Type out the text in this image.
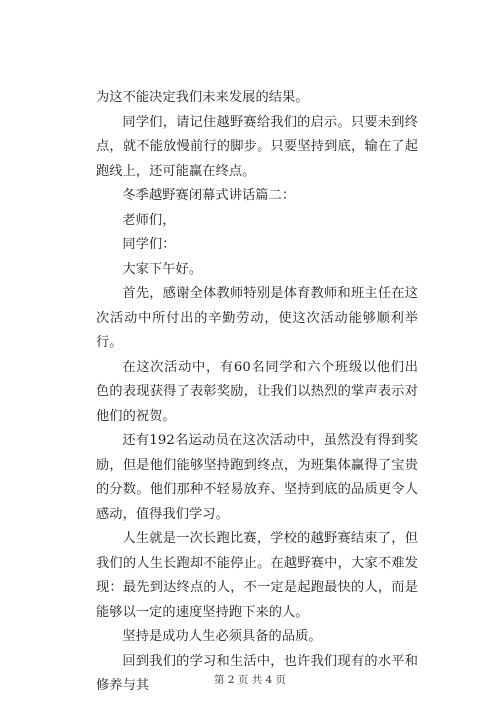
为这不能决定我们未来发展的结果。

同学们，请记住越野赛给我们的启示。只要未到终点，就不能放慢前行的脚步。只要坚持到底，输在了起跑线上，还可能赢在终点。

冬季越野赛闭幕式讲话篇二：

老师们，

同学们：

大家下午好。

首先，感谢全体教师特别是体育教师和班主任在这次活动中所付出的辛勤劳动，使这次活动能够顺利举行。

在这次活动中，有60名同学和六个班级以他们出色的表现获得了表彰奖励，让我们以热烈的掌声表示对他们的祝贺。

还有192名运动员在这次活动中，虽然没有得到奖励，但是他们能够坚持跑到终点，为班集体赢得了宝贵的分数。他们那种不轻易放弃、坚持到底的品质更令人感动，值得我们学习。

人生就是一次长跑比赛，学校的越野赛结束了，但我们的人生长跑却不能停止。在越野赛中，大家不难发现：最先到达终点的人，不一定是起跑最快的人，而是能够以一定的速度坚持跑下来的人。

坚持是成功人生必须具备的品质。

回到我们的学习和生活中，也许我们现有的水平和修养与其	第 2 页 共 4 页
